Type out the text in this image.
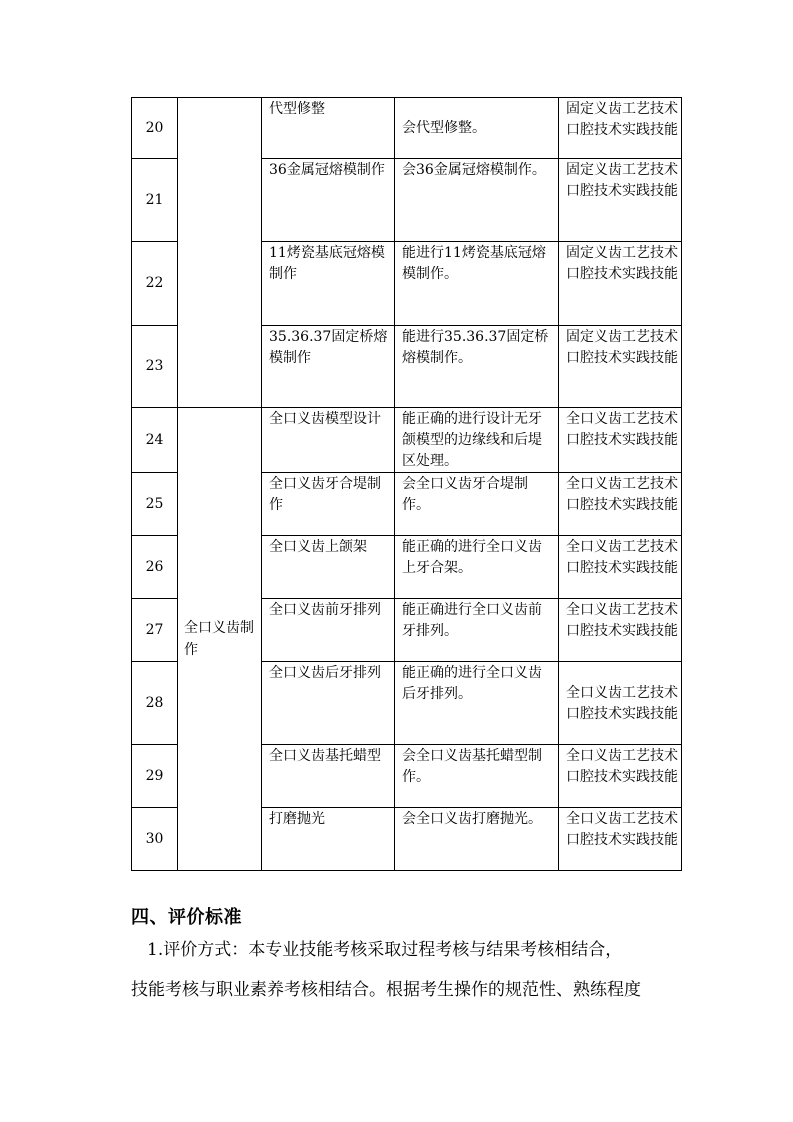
20		代型修整	会代型修整。	固定义齿工艺技术 口腔技术实践技能
21		36金属冠熔模制作	会36金属冠熔模制作。	固定义齿工艺技术 口腔技术实践技能
22		11烤瓷基底冠熔模制作	能进行11烤瓷基底冠熔模制作。	固定义齿工艺技术 口腔技术实践技能
23		35.36.37固定桥熔模制作	能进行35.36.37固定桥熔模制作。	固定义齿工艺技术 口腔技术实践技能
24	全口义齿制作	全口义齿模型设计	能正确的进行设计无牙颌模型的边缘线和后堤区处理。	全口义齿工艺技术 口腔技术实践技能
25		全口义齿牙合堤制作	会全口义齿牙合堤制作。	全口义齿工艺技术 口腔技术实践技能
26		全口义齿上颌架	能正确的进行全口义齿上牙合架。	全口义齿工艺技术 口腔技术实践技能
27		全口义齿前牙排列	能正确进行全口义齿前牙排列。	全口义齿工艺技术 口腔技术实践技能
28		全口义齿后牙排列	能正确的进行全口义齿后牙排列。	全口义齿工艺技术 口腔技术实践技能
29		全口义齿基托蜡型	会全口义齿基托蜡型制作。	全口义齿工艺技术 口腔技术实践技能
30		打磨抛光	会全口义齿打磨抛光。	全口义齿工艺技术 口腔技术实践技能
四、评价标准
1.评价方式：本专业技能考核采取过程考核与结果考核相结合，
技能考核与职业素养考核相结合。根据考生操作的规范性、熟练程度
